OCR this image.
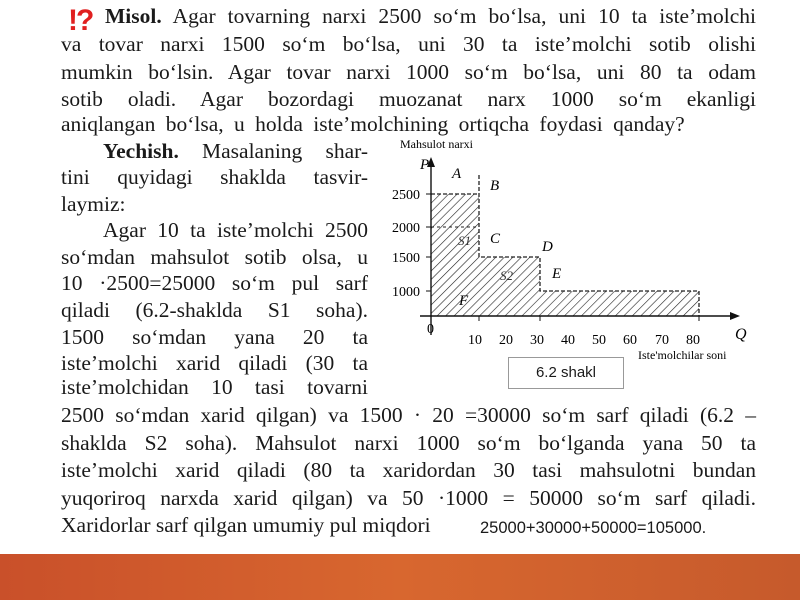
!? Misol. Agar tovarning narxi 2500 so‘m bo‘lsa, uni 10 ta iste’molchi
va tovar narxi 1500 so‘m bo‘lsa, uni 30 ta iste’molchi sotib olishi
mumkin bo‘lsin. Agar tovar narxi 1000 so‘m bo‘lsa, uni 80 ta odam
sotib oladi. Agar bozordagi muozanat narx 1000 so‘m ekanligi
aniqlangan bo‘lsa, u holda iste’molchining ortiqcha foydasi qanday?
Yechish. Masalaning shar-
tini quyidagi shaklda tasvir-
laymiz:
Agar 10 ta iste’molchi 2500
so‘mdan mahsulot sotib olsa, u
10 ·2500=25000 so‘m pul sarf
qiladi (6.2-shaklda S1 soha).
1500 so‘mdan yana 20 ta
iste’molchi xarid qiladi (30 ta
iste’molchidan 10 tasi tovarni
2500 so‘mdan xarid qilgan) va 1500 · 20 =30000 so‘m sarf qiladi (6.2 –
shaklda S2 soha). Mahsulot narxi 1000 so‘m bo‘lganda yana 50 ta
iste’molchi xarid qiladi (80 ta xaridordan 30 tasi mahsulotni bundan
yuqoriroq narxda xarid qilgan) va 50 ·1000 = 50000 so‘m sarf qiladi.
Xaridorlar sarf qilgan umumiy pul miqdori	25000+30000+50000=105000.
Mahsulot narxi
P
Q
Iste'molchilar soni
0
2500
2000
1500
1000
10 20 30 40 50 60 70 80
A
B
C	D
E
F
S1
S2
6.2 shakl
